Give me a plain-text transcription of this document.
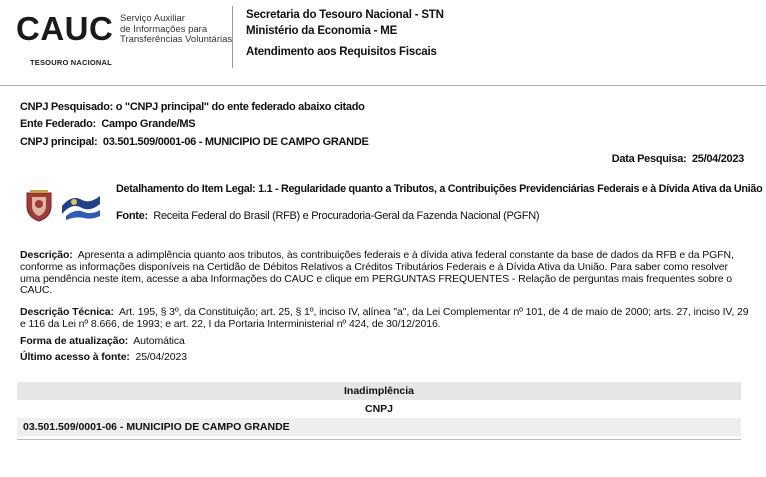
CAUC Serviço Auxiliar
de Informações para
Transferências Voluntárias
TESOURO NACIONAL
Secretaria do Tesouro Nacional - STN
Ministério da Economia - ME
Atendimento aos Requisitos Fiscais
CNPJ Pesquisado: o "CNPJ principal" do ente federado abaixo citado
Ente Federado: Campo Grande/MS
CNPJ principal: 03.501.509/0001-06 - MUNICIPIO DE CAMPO GRANDE
Data Pesquisa: 25/04/2023
Detalhamento do Item Legal: 1.1 - Regularidade quanto a Tributos, a Contribuições Previdenciárias Federais e à Dívida Ativa da União
Fonte: Receita Federal do Brasil (RFB) e Procuradoria-Geral da Fazenda Nacional (PGFN)
Descrição: Apresenta a adimplência quanto aos tributos, às contribuições federais e à dívida ativa federal constante da base de dados da RFB e da PGFN,
conforme as informações disponíveis na Certidão de Débitos Relativos a Créditos Tributários Federais e à Dívida Ativa da União. Para saber como resolver
uma pendência neste item, acesse a aba Informações do CAUC e clique em PERGUNTAS FREQUENTES - Relação de perguntas mais frequentes sobre o
CAUC.
Descrição Técnica: Art. 195, § 3º, da Constituição; art. 25, § 1º, inciso IV, alínea "a", da Lei Complementar nº 101, de 4 de maio de 2000; arts. 27, inciso IV, 29
e 116 da Lei nº 8.666, de 1993; e art. 22, I da Portaria Interministerial nº 424, de 30/12/2016.
Forma de atualização: Automática
Último acesso à fonte: 25/04/2023
Inadimplência
CNPJ
03.501.509/0001-06 - MUNICIPIO DE CAMPO GRANDE
